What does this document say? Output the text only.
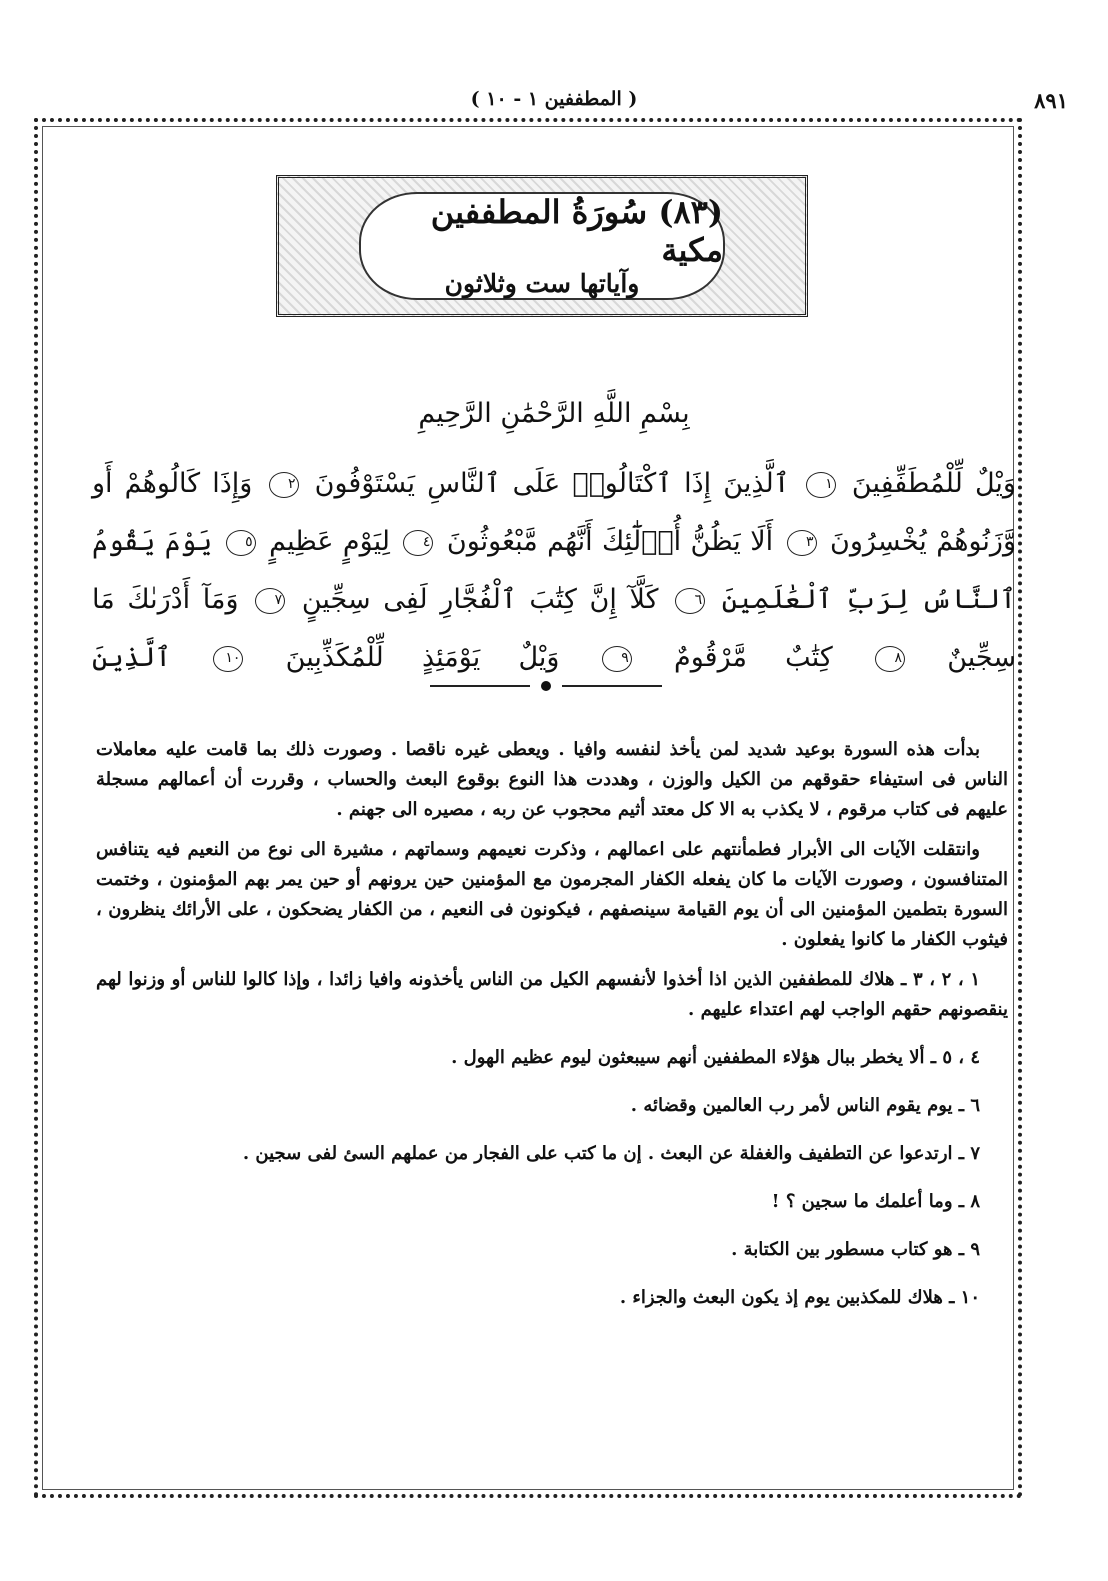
٨٩١
( المطففين ١ - ١٠ )
(٨٣) سُورَةُ المطففين مكية
وآياتها ست وثلاثون
بِسْمِ اللَّهِ الرَّحْمَٰنِ الرَّحِيمِ
وَيْلٌ لِّلْمُطَفِّفِينَ ١ ٱلَّذِينَ إِذَا ٱكْتَالُوا۟ عَلَى ٱلنَّاسِ يَسْتَوْفُونَ ٢ وَإِذَا كَالُوهُمْ أَو وَّزَنُوهُمْ يُخْسِرُونَ ٣ أَلَا يَظُنُّ أُو۟لَٰٓئِكَ أَنَّهُم مَّبْعُوثُونَ ٤ لِيَوْمٍ عَظِيمٍ ٥ يَوْمَ يَقُومُ ٱلنَّاسُ لِرَبِّ ٱلْعَٰلَمِينَ ٦ كَلَّآ إِنَّ كِتَٰبَ ٱلْفُجَّارِ لَفِى سِجِّينٍ ٧ وَمَآ أَدْرَىٰكَ مَا سِجِّينٌ ٨ كِتَٰبٌ مَّرْقُومٌ ٩ وَيْلٌ يَوْمَئِذٍ لِّلْمُكَذِّبِينَ ١٠ ٱلَّذِينَ

بدأت هذه السورة بوعيد شديد لمن يأخذ لنفسه وافيا . ويعطى غيره ناقصا . وصورت ذلك بما قامت عليه معاملات الناس فى استيفاء حقوقهم من الكيل والوزن ، وهددت هذا النوع بوقوع البعث والحساب ، وقررت أن أعمالهم مسجلة عليهم فى كتاب مرقوم ، لا يكذب به الا كل معتد أثيم محجوب عن ربه ، مصيره الى جهنم .

وانتقلت الآيات الى الأبرار فطمأنتهم على اعمالهم ، وذكرت نعيمهم وسماتهم ، مشيرة الى نوع من النعيم فيه يتنافس المتنافسون ، وصورت الآيات ما كان يفعله الكفار المجرمون مع المؤمنين حين يرونهم أو حين يمر بهم المؤمنون ، وختمت السورة بتطمين المؤمنين الى أن يوم القيامة سينصفهم ، فيكونون فى النعيم ، من الكفار يضحكون ، على الأرائك ينظرون ، فيثوب الكفار ما كانوا يفعلون .

١ ، ٢ ، ٣ ـ هلاك للمطففين الذين اذا أخذوا لأنفسهم الكيل من الناس يأخذونه وافيا زائدا ، وإذا كالوا للناس أو وزنوا لهم ينقصونهم حقهم الواجب لهم اعتداء عليهم .

٤ ، ٥ ـ ألا يخطر ببال هؤلاء المطففين أنهم سيبعثون ليوم عظيم الهول .

٦ ـ يوم يقوم الناس لأمر رب العالمين وقضائه .

٧ ـ ارتدعوا عن التطفيف والغفلة عن البعث . إن ما كتب على الفجار من عملهم السئ لفى سجين .

٨ ـ وما أعلمك ما سجين ؟ !

٩ ـ هو كتاب مسطور بين الكتابة .

١٠ ـ هلاك للمكذبين يوم إذ يكون البعث والجزاء .
